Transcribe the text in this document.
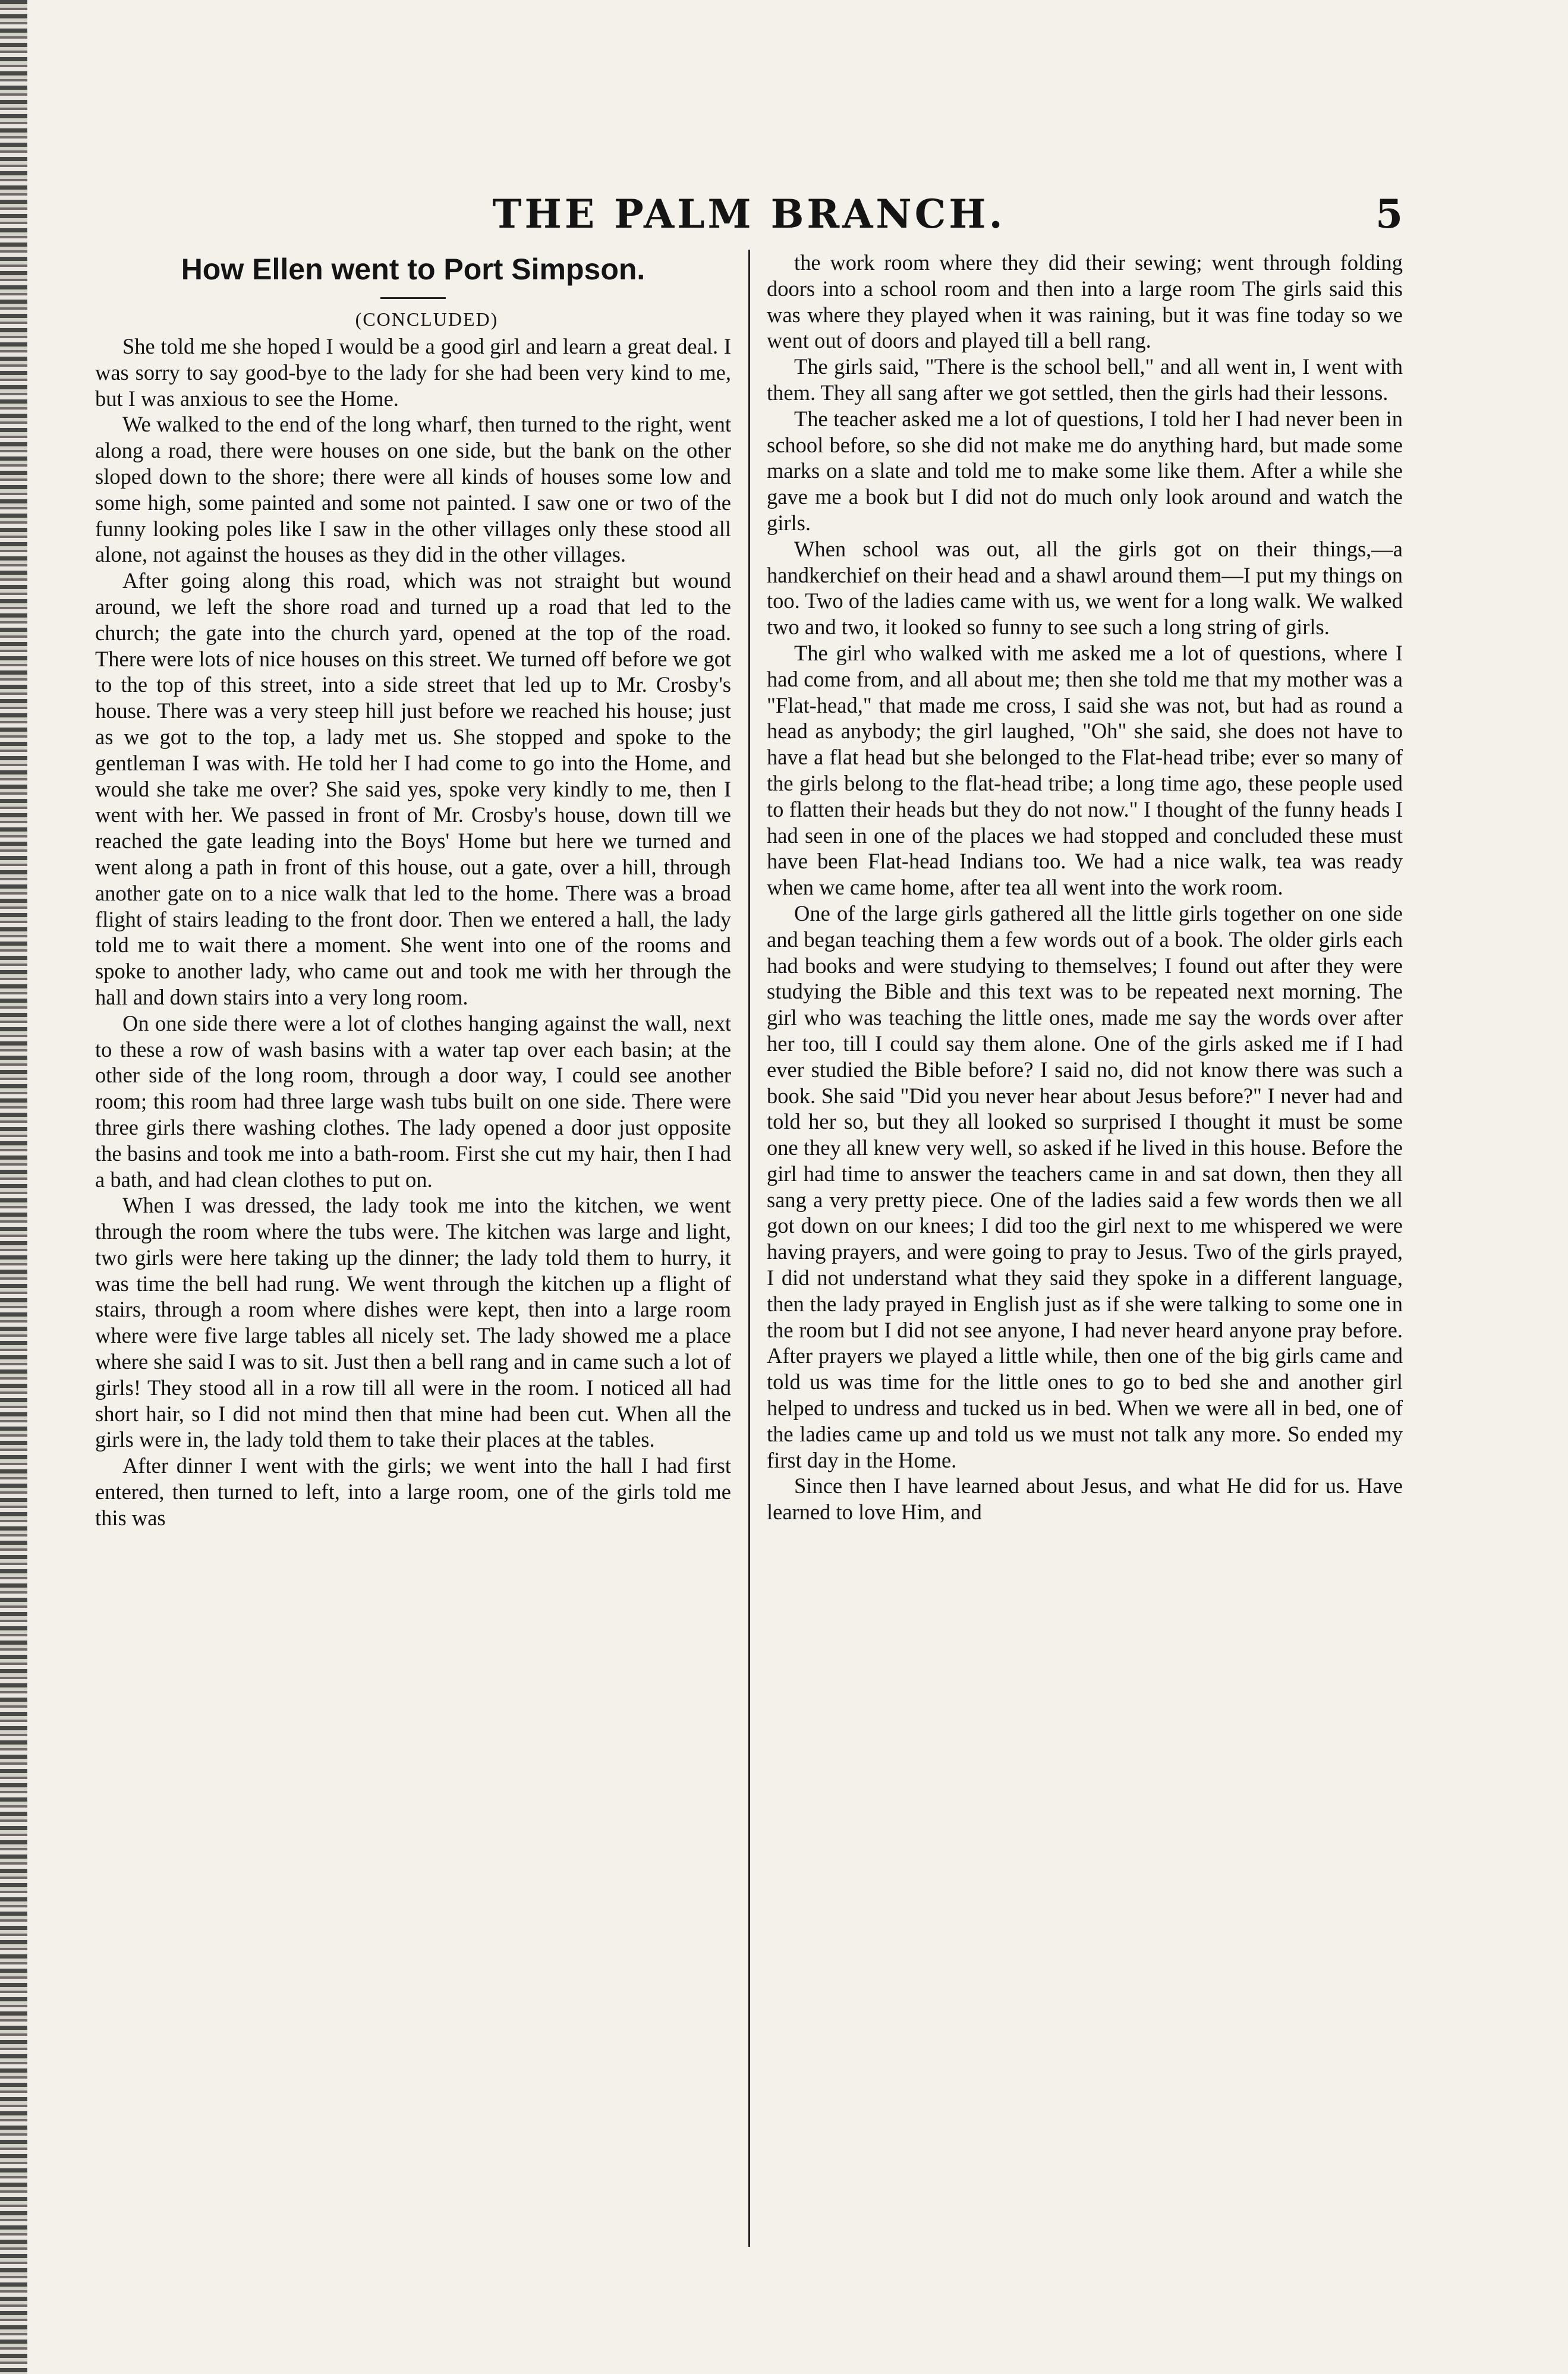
THE PALM BRANCH.	5
How Ellen went to Port Simpson.

(CONCLUDED)

She told me she hoped I would be a good girl and learn a great deal. I was sorry to say good-bye to the lady for she had been very kind to me, but I was anxious to see the Home.

We walked to the end of the long wharf, then turned to the right, went along a road, there were houses on one side, but the bank on the other sloped down to the shore; there were all kinds of houses some low and some high, some painted and some not painted. I saw one or two of the funny looking poles like I saw in the other villages only these stood all alone, not against the houses as they did in the other villages.

After going along this road, which was not straight but wound around, we left the shore road and turned up a road that led to the church; the gate into the church yard, opened at the top of the road. There were lots of nice houses on this street. We turned off before we got to the top of this street, into a side street that led up to Mr. Crosby's house. There was a very steep hill just before we reached his house; just as we got to the top, a lady met us. She stopped and spoke to the gentleman I was with. He told her I had come to go into the Home, and would she take me over? She said yes, spoke very kindly to me, then I went with her. We passed in front of Mr. Crosby's house, down till we reached the gate leading into the Boys' Home but here we turned and went along a path in front of this house, out a gate, over a hill, through another gate on to a nice walk that led to the home. There was a broad flight of stairs leading to the front door. Then we entered a hall, the lady told me to wait there a moment. She went into one of the rooms and spoke to another lady, who came out and took me with her through the hall and down stairs into a very long room.

On one side there were a lot of clothes hanging against the wall, next to these a row of wash basins with a water tap over each basin; at the other side of the long room, through a door way, I could see another room; this room had three large wash tubs built on one side. There were three girls there washing clothes. The lady opened a door just opposite the basins and took me into a bath-room. First she cut my hair, then I had a bath, and had clean clothes to put on.

When I was dressed, the lady took me into the kitchen, we went through the room where the tubs were. The kitchen was large and light, two girls were here taking up the dinner; the lady told them to hurry, it was time the bell had rung. We went through the kitchen up a flight of stairs, through a room where dishes were kept, then into a large room where were five large tables all nicely set. The lady showed me a place where she said I was to sit. Just then a bell rang and in came such a lot of girls! They stood all in a row till all were in the room. I noticed all had short hair, so I did not mind then that mine had been cut. When all the girls were in, the lady told them to take their places at the tables.

After dinner I went with the girls; we went into the hall I had first entered, then turned to left, into a large room, one of the girls told me this was

the work room where they did their sewing; went through folding doors into a school room and then into a large room The girls said this was where they played when it was raining, but it was fine today so we went out of doors and played till a bell rang.

The girls said, "There is the school bell," and all went in, I went with them. They all sang after we got settled, then the girls had their lessons.

The teacher asked me a lot of questions, I told her I had never been in school before, so she did not make me do anything hard, but made some marks on a slate and told me to make some like them. After a while she gave me a book but I did not do much only look around and watch the girls.

When school was out, all the girls got on their things,—a handkerchief on their head and a shawl around them—I put my things on too. Two of the ladies came with us, we went for a long walk. We walked two and two, it looked so funny to see such a long string of girls.

The girl who walked with me asked me a lot of questions, where I had come from, and all about me; then she told me that my mother was a "Flat-head," that made me cross, I said she was not, but had as round a head as anybody; the girl laughed, "Oh" she said, she does not have to have a flat head but she belonged to the Flat-head tribe; ever so many of the girls belong to the flat-head tribe; a long time ago, these people used to flatten their heads but they do not now." I thought of the funny heads I had seen in one of the places we had stopped and concluded these must have been Flat-head Indians too. We had a nice walk, tea was ready when we came home, after tea all went into the work room.

One of the large girls gathered all the little girls together on one side and began teaching them a few words out of a book. The older girls each had books and were studying to themselves; I found out after they were studying the Bible and this text was to be repeated next morning. The girl who was teaching the little ones, made me say the words over after her too, till I could say them alone. One of the girls asked me if I had ever studied the Bible before? I said no, did not know there was such a book. She said "Did you never hear about Jesus before?" I never had and told her so, but they all looked so surprised I thought it must be some one they all knew very well, so asked if he lived in this house. Before the girl had time to answer the teachers came in and sat down, then they all sang a very pretty piece. One of the ladies said a few words then we all got down on our knees; I did too the girl next to me whispered we were having prayers, and were going to pray to Jesus. Two of the girls prayed, I did not understand what they said they spoke in a different language, then the lady prayed in English just as if she were talking to some one in the room but I did not see anyone, I had never heard anyone pray before. After prayers we played a little while, then one of the big girls came and told us was time for the little ones to go to bed she and another girl helped to undress and tucked us in bed. When we were all in bed, one of the ladies came up and told us we must not talk any more. So ended my first day in the Home.

Since then I have learned about Jesus, and what He did for us. Have learned to love Him, and
